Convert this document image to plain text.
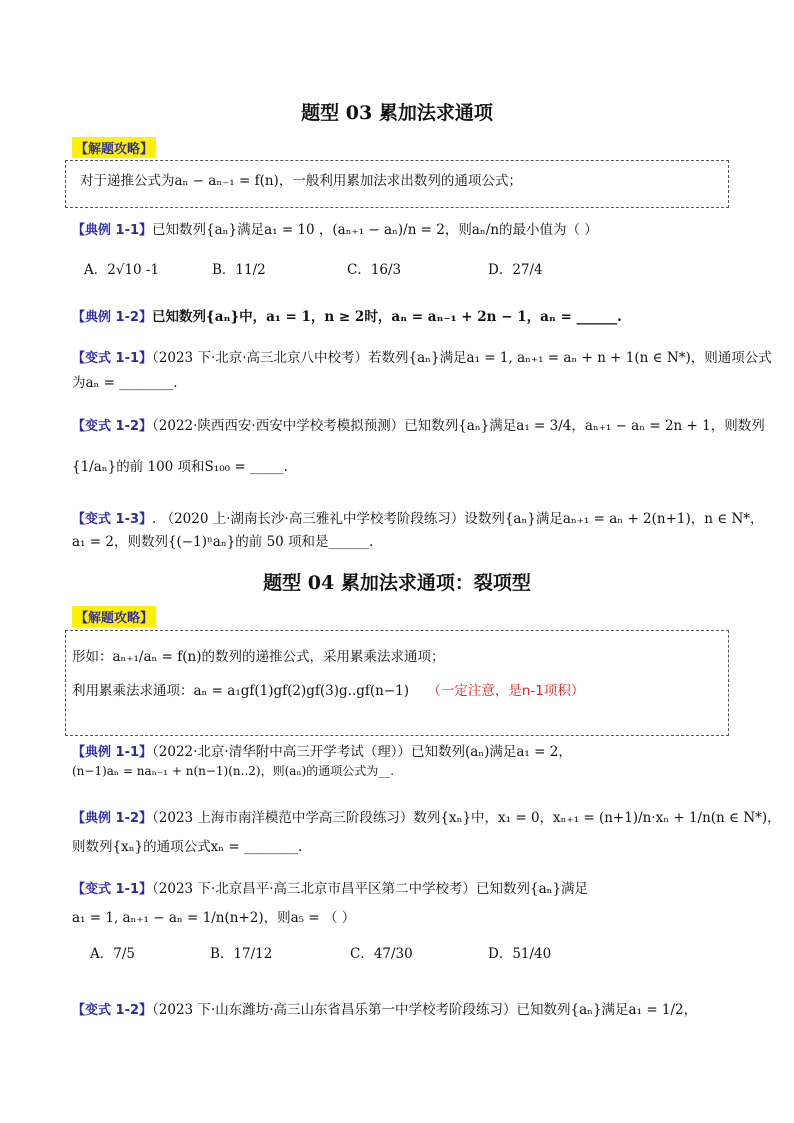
题型 03 累加法求通项
【解题攻略】
对于递推公式为aₙ − aₙ₋₁ = f(n)，一般利用累加法求出数列的通项公式；
【典例 1-1】已知数列{aₙ}满足a₁ = 10 ，(aₙ₊₁ − aₙ)/n = 2，则aₙ/n的最小值为（ ）
A．2√10 -1	B．11/2	C．16/3	D．27/4
【典例 1-2】已知数列{aₙ}中，a₁ = 1，n ≥ 2时，aₙ = aₙ₋₁ + 2n − 1，aₙ = ______.
【变式 1-1】（2023 下·北京·高三北京八中校考）若数列{aₙ}满足a₁ = 1, aₙ₊₁ = aₙ + n + 1(n ∈ N*)，则通项公式
为aₙ = ________.
【变式 1-2】（2022·陕西西安·西安中学校考模拟预测）已知数列{aₙ}满足a₁ = 3/4，aₙ₊₁ − aₙ = 2n + 1，则数列
{1/aₙ}的前 100 项和S₁₀₀ = _____.
【变式 1-3】. （2020 上·湖南长沙·高三雅礼中学校考阶段练习）设数列{aₙ}满足aₙ₊₁ = aₙ + 2(n+1)，n ∈ N*，
a₁ = 2，则数列{(−1)ⁿaₙ}的前 50 项和是______.
题型 04 累加法求通项：裂项型
【解题攻略】
形如：aₙ₊₁/aₙ = f(n)的数列的递推公式，采用累乘法求通项；
利用累乘法求通项：aₙ = a₁gf(1)gf(2)gf(3)g..gf(n−1) （一定注意，是n-1项积）
【典例 1-1】（2022·北京·清华附中高三开学考试（理））已知数列(aₙ)满足a₁ = 2，
(n−1)aₙ = naₙ₋₁ + n(n−1)(n..2)，则(aₙ)的通项公式为__.
【典例 1-2】（2023 上海市南洋模范中学高三阶段练习）数列{xₙ}中，x₁ = 0，xₙ₊₁ = (n+1)/n·xₙ + 1/n(n ∈ N*)，
则数列{xₙ}的通项公式xₙ = ________.
【变式 1-1】（2023 下·北京昌平·高三北京市昌平区第二中学校考）已知数列{aₙ}满足
a₁ = 1, aₙ₊₁ − aₙ = 1/n(n+2)，则a₅ = （ ）
A．7/5	B．17/12	C．47/30	D．51/40
【变式 1-2】（2023 下·山东潍坊·高三山东省昌乐第一中学校考阶段练习）已知数列{aₙ}满足a₁ = 1/2，
